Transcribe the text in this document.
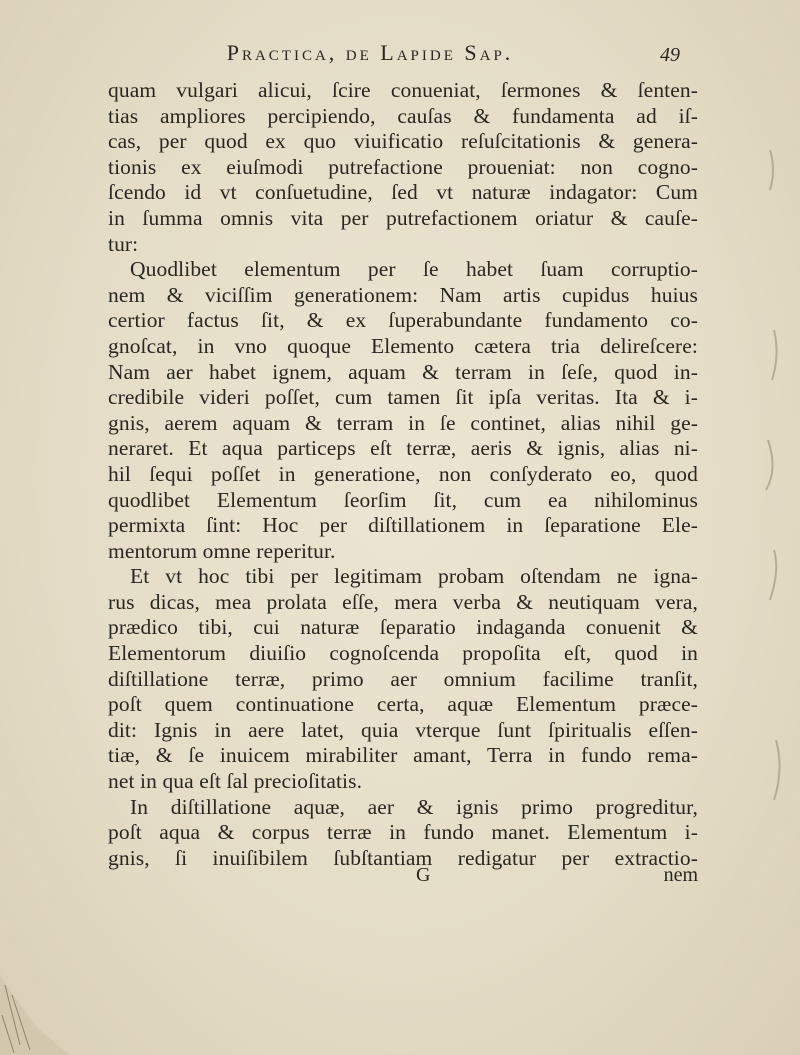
Practica, de Lapide Sap.	49
quam vulgari alicui, ſcire conueniat, ſermones & ſenten-
tias ampliores percipiendo, cauſas & fundamenta ad iſ-
cas, per quod ex quo viuificatio reſuſcitationis & genera-
tionis ex eiuſmodi putrefactione proueniat: non cogno-
ſcendo id vt conſuetudine, ſed vt naturæ indagator: Cum
in ſumma omnis vita per putrefactionem oriatur & cauſe-
tur:
Quodlibet elementum per ſe habet ſuam corruptio-
nem & viciſſim generationem: Nam artis cupidus huius
certior factus ſit, & ex ſuperabundante fundamento co-
gnoſcat, in vno quoque Elemento cætera tria delireſcere:
Nam aer habet ignem, aquam & terram in ſeſe, quod in-
credibile videri poſſet, cum tamen ſit ipſa veritas. Ita & i-
gnis, aerem aquam & terram in ſe continet, alias nihil ge-
neraret. Et aqua particeps eſt terræ, aeris & ignis, alias ni-
hil ſequi poſſet in generatione, non conſyderato eo, quod
quodlibet Elementum ſeorſim ſit, cum ea nihilominus
permixta ſint: Hoc per diſtillationem in ſeparatione Ele-
mentorum omne reperitur.
Et vt hoc tibi per legitimam probam oſtendam ne igna-
rus dicas, mea prolata eſſe, mera verba & neutiquam vera,
prædico tibi, cui naturæ ſeparatio indaganda conuenit &
Elementorum diuiſio cognoſcenda propoſita eſt, quod in
diſtillatione terræ, primo aer omnium facilime tranſit,
poſt quem continuatione certa, aquæ Elementum præce-
dit: Ignis in aere latet, quia vterque ſunt ſpiritualis eſſen-
tiæ, & ſe inuicem mirabiliter amant, Terra in fundo rema-
net in qua eſt ſal precioſitatis.
In diſtillatione aquæ, aer & ignis primo progreditur,
poſt aqua & corpus terræ in fundo manet. Elementum i-
gnis, ſi inuiſibilem ſubſtantiam redigatur per extractio-
G	nem
